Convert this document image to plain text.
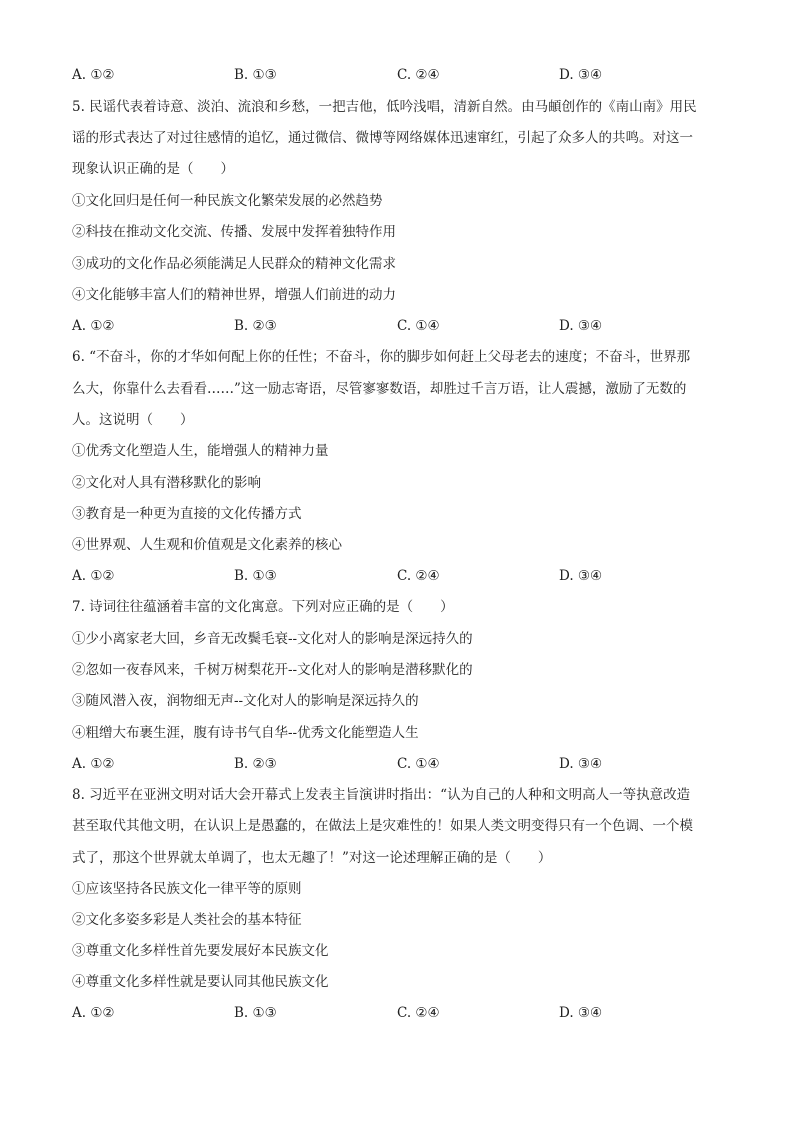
A. ①②	B. ①③	C. ②④	D. ③④
5. 民谣代表着诗意、淡泊、流浪和乡愁，一把吉他，低吟浅唱，清新自然。由马頔创作的《南山南》用民
谣的形式表达了对过往感情的追忆，通过微信、微博等网络媒体迅速窜红，引起了众多人的共鸣。对这一
现象认识正确的是（　　）
①文化回归是任何一种民族文化繁荣发展的必然趋势
②科技在推动文化交流、传播、发展中发挥着独特作用
③成功的文化作品必须能满足人民群众的精神文化需求
④文化能够丰富人们的精神世界，增强人们前进的动力
A. ①②	B. ②③	C. ①④	D. ③④
6. “不奋斗，你的才华如何配上你的任性；不奋斗，你的脚步如何赶上父母老去的速度；不奋斗，世界那
么大，你靠什么去看看……”这一励志寄语，尽管寥寥数语，却胜过千言万语，让人震撼，激励了无数的
人。这说明（　　）
①优秀文化塑造人生，能增强人的精神力量
②文化对人具有潜移默化的影响
③教育是一种更为直接的文化传播方式
④世界观、人生观和价值观是文化素养的核心
A. ①②	B. ①③	C. ②④	D. ③④
7. 诗词往往蕴涵着丰富的文化寓意。下列对应正确的是（　　）
①少小离家老大回，乡音无改鬓毛衰--文化对人的影响是深远持久的
②忽如一夜春风来，千树万树梨花开--文化对人的影响是潜移默化的
③随风潜入夜，润物细无声--文化对人的影响是深远持久的
④粗缯大布裹生涯，腹有诗书气自华--优秀文化能塑造人生
A. ①②	B. ②③	C. ①④	D. ③④
8. 习近平在亚洲文明对话大会开幕式上发表主旨演讲时指出：“认为自己的人种和文明高人一等执意改造
甚至取代其他文明，在认识上是愚蠢的，在做法上是灾难性的！如果人类文明变得只有一个色调、一个模
式了，那这个世界就太单调了，也太无趣了！”对这一论述理解正确的是（　　）
①应该坚持各民族文化一律平等的原则
②文化多姿多彩是人类社会的基本特征
③尊重文化多样性首先要发展好本民族文化
④尊重文化多样性就是要认同其他民族文化
A. ①②	B. ①③	C. ②④	D. ③④
